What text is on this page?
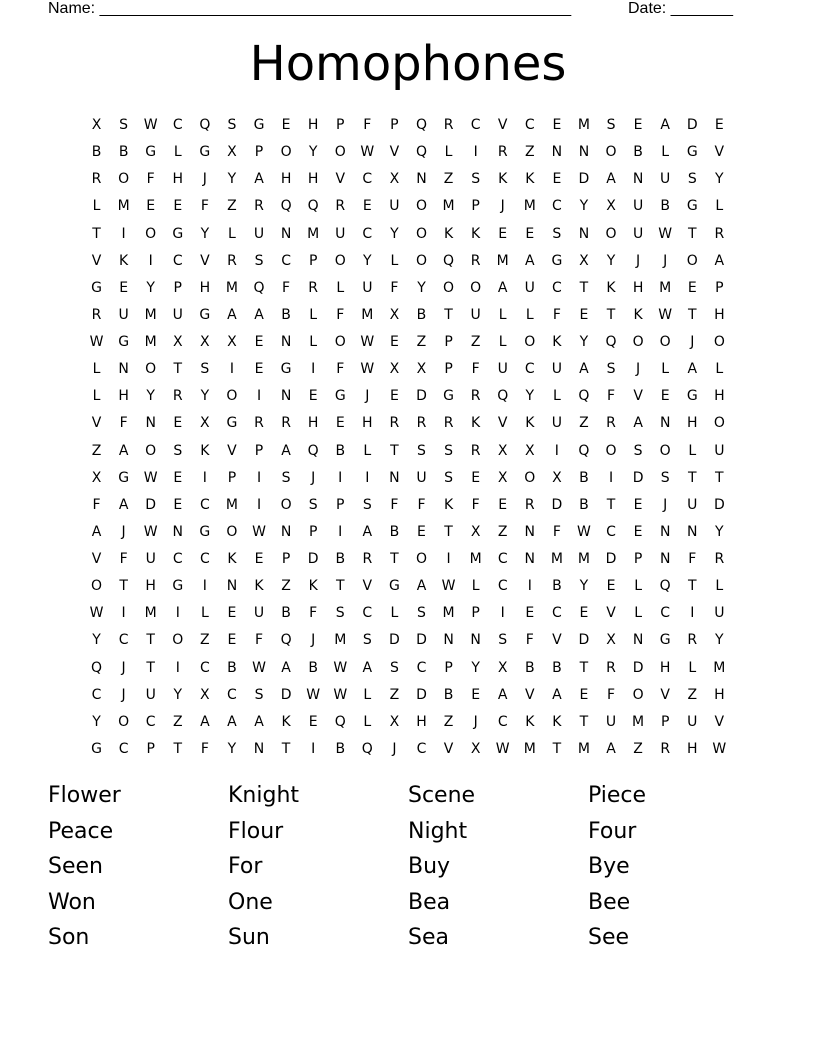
Name: _____________________________________________________	Date: _______
Homophones
X	S	W	C	Q	S	G	E	H	P	F	P	Q	R	C	V	C	E	M	S	E	A	D	E
B	B	G	L	G	X	P	O	Y	O	W	V	Q	L	I	R	Z	N	N	O	B	L	G	V
R	O	F	H	J	Y	A	H	H	V	C	X	N	Z	S	K	K	E	D	A	N	U	S	Y
L	M	E	E	F	Z	R	Q	Q	R	E	U	O	M	P	J	M	C	Y	X	U	B	G	L
T	I	O	G	Y	L	U	N	M	U	C	Y	O	K	K	E	E	S	N	O	U	W	T	R
V	K	I	C	V	R	S	C	P	O	Y	L	O	Q	R	M	A	G	X	Y	J	J	O	A
G	E	Y	P	H	M	Q	F	R	L	U	F	Y	O	O	A	U	C	T	K	H	M	E	P
R	U	M	U	G	A	A	B	L	F	M	X	B	T	U	L	L	F	E	T	K	W	T	H
W	G	M	X	X	X	E	N	L	O	W	E	Z	P	Z	L	O	K	Y	Q	O	O	J	O
L	N	O	T	S	I	E	G	I	F	W	X	X	P	F	U	C	U	A	S	J	L	A	L
L	H	Y	R	Y	O	I	N	E	G	J	E	D	G	R	Q	Y	L	Q	F	V	E	G	H
V	F	N	E	X	G	R	R	H	E	H	R	R	R	K	V	K	U	Z	R	A	N	H	O
Z	A	O	S	K	V	P	A	Q	B	L	T	S	S	R	X	X	I	Q	O	S	O	L	U
X	G	W	E	I	P	I	S	J	I	I	N	U	S	E	X	O	X	B	I	D	S	T	T
F	A	D	E	C	M	I	O	S	P	S	F	F	K	F	E	R	D	B	T	E	J	U	D
A	J	W	N	G	O	W	N	P	I	A	B	E	T	X	Z	N	F	W	C	E	N	N	Y
V	F	U	C	C	K	E	P	D	B	R	T	O	I	M	C	N	M	M	D	P	N	F	R
O	T	H	G	I	N	K	Z	K	T	V	G	A	W	L	C	I	B	Y	E	L	Q	T	L
W	I	M	I	L	E	U	B	F	S	C	L	S	M	P	I	E	C	E	V	L	C	I	U
Y	C	T	O	Z	E	F	Q	J	M	S	D	D	N	N	S	F	V	D	X	N	G	R	Y
Q	J	T	I	C	B	W	A	B	W	A	S	C	P	Y	X	B	B	T	R	D	H	L	M
C	J	U	Y	X	C	S	D	W W	L	Z	D	B	E	A	V	A	E	F	O	V	Z	H
Y	O	C	Z	A	A	A	K	E	Q	L	X	H	Z	J	C	K	K	T	U	M	P	U	V
G	C	P	T	F	Y	N	T	I	B	Q	J	C	V	X	W	M	T	M	A	Z	R	H	W
Flower	Knight	Scene	Piece
Peace	Flour	Night	Four
Seen	For	Buy	Bye
Won	One	Bea	Bee
Son	Sun	Sea	See
